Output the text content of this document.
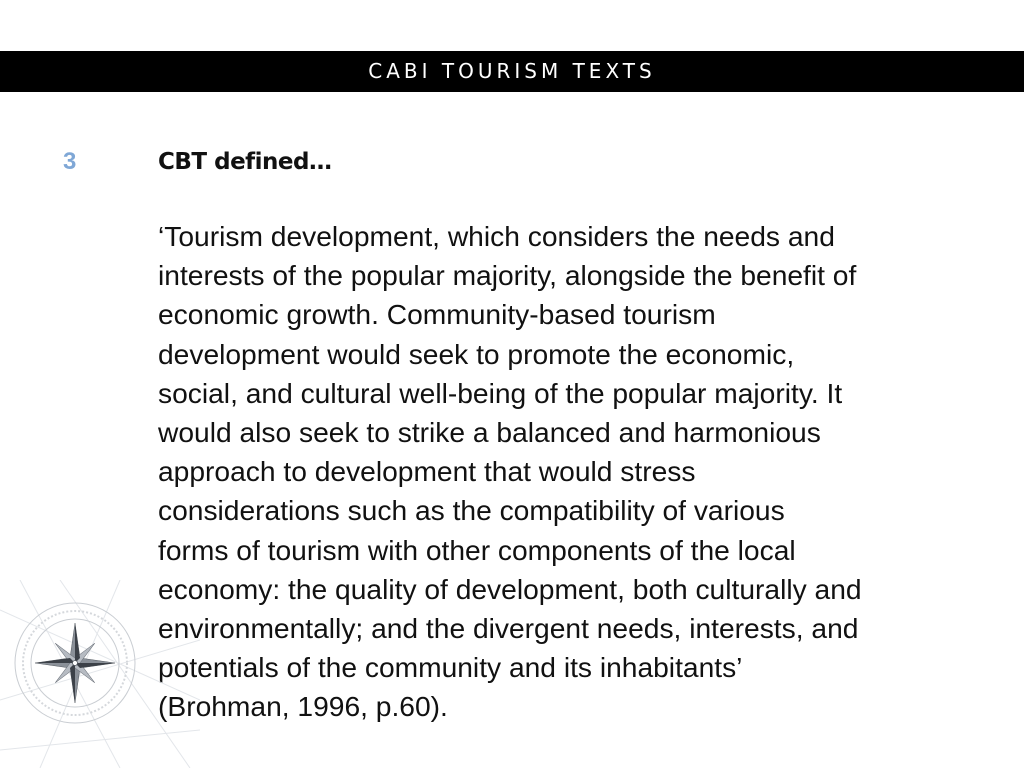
CABI TOURISM TEXTS
3	CBT defined…
‘Tourism development, which considers the needs and
interests of the popular majority, alongside the benefit of
economic growth. Community-based tourism
development would seek to promote the economic,
social, and cultural well-being of the popular majority. It
would also seek to strike a balanced and harmonious
approach to development that would stress
considerations such as the compatibility of various
forms of tourism with other components of the local
economy: the quality of development, both culturally and
environmentally; and the divergent needs, interests, and
potentials of the community and its inhabitants’
(Brohman, 1996, p.60).
